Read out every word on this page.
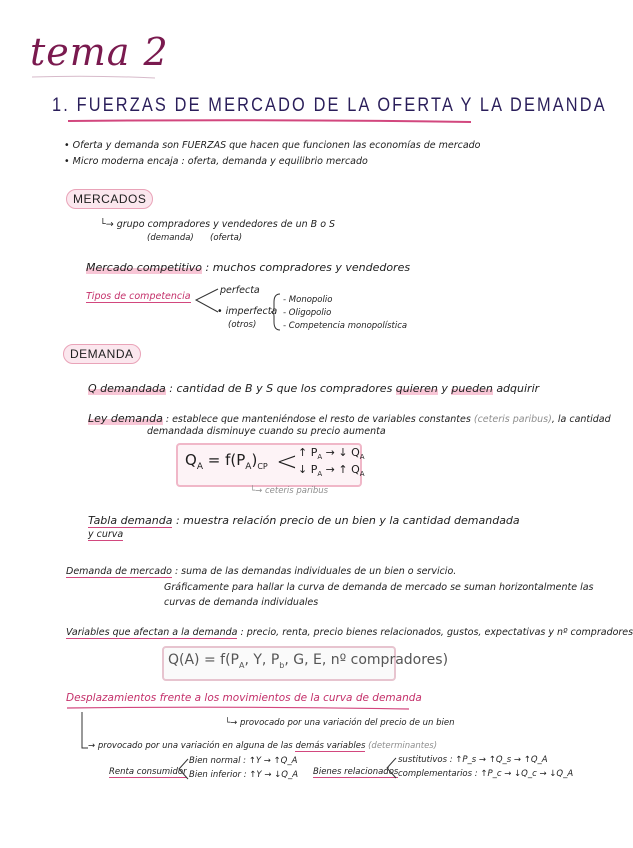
tema 2
1. FUERZAS DE MERCADO DE LA OFERTA Y LA DEMANDA
• Oferta y demanda son FUERZAS que hacen que funcionen las economías de mercado
• Micro moderna encaja : oferta, demanda y equilibrio mercado
MERCADOS
└→ grupo compradores y vendedores de un B o S
(demanda) (oferta)
Mercado competitivo : muchos compradores y vendedores
Tipos de competencia
perfecta
• imperfecta
(otros)
- Monopolio
- Oligopolio
- Competencia monopolística
DEMANDA
Q demandada : cantidad de B y S que los compradores quieren y pueden adquirir
Ley demanda : establece que manteniéndose el resto de variables constantes (ceteris paribus), la cantidad
demandada disminuye cuando su precio aumenta
$Q_A = f(P_A)_{CP}$ < ↑ $P_A$ → ↓ $Q_A$
↓ $P_A$ → ↑ $Q_A$
└→ ceteris paribus
Tabla demanda : muestra relación precio de un bien y la cantidad demandada
y curva
Demanda de mercado : suma de las demandas individuales de un bien o servicio.
Gráficamente para hallar la curva de demanda de mercado se suman horizontalmente las
curvas de demanda individuales
Variables que afectan a la demanda : precio, renta, precio bienes relacionados, gustos, expectativas y nº compradores
$Q(A) = f(P_A$, Y, $P_b$, G, E, nº compradores)
Desplazamientos frente a los movimientos de la curva de demanda
└→ provocado por una variación del precio de un bien
→ provocado por una variación en alguna de las demás variables (determinantes)
Renta consumidor
Bien normal : ↑Y → ↑Q_A
Bien inferior : ↑Y → ↓Q_A Bienes relacionados
sustitutivos : ↑P_s → ↑Q_s → ↑Q_A
complementarios : ↑P_c → ↓Q_c → ↓Q_A
